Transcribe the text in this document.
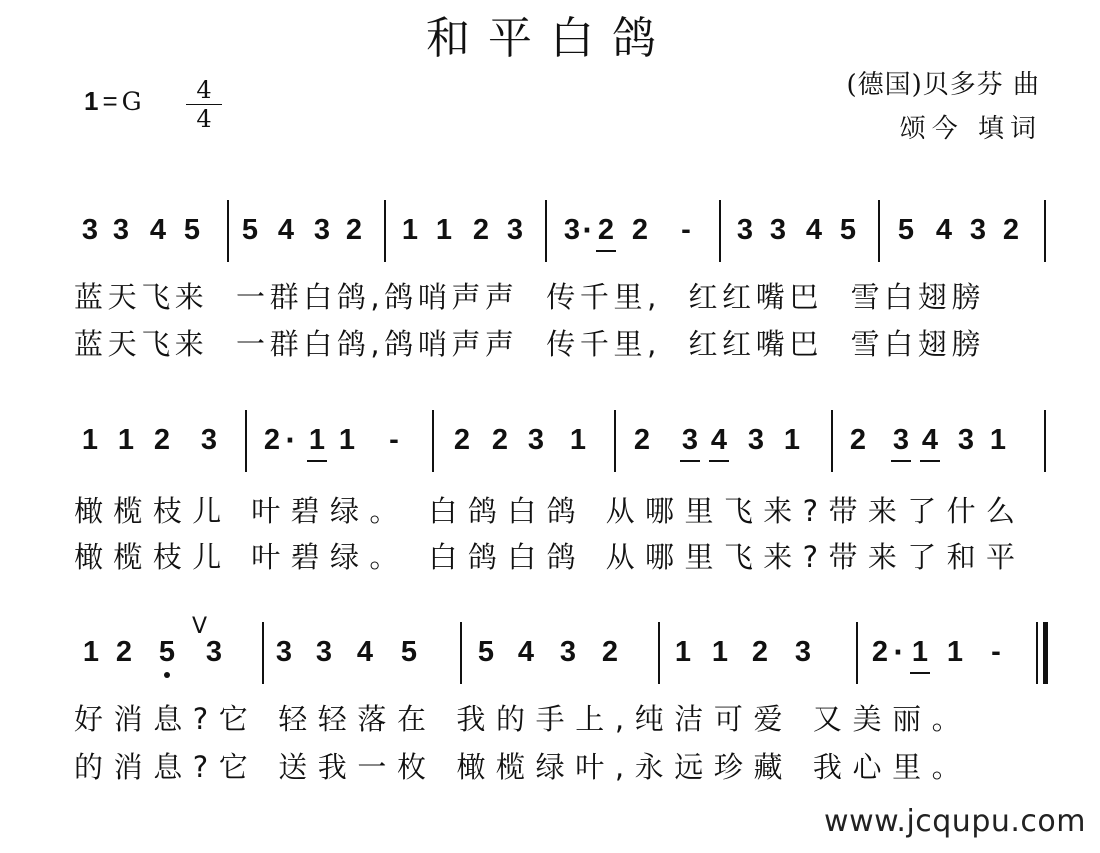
和平白鸽
1 = G	4
4
(德国)贝多芬 曲
颂今 填词
3 3 4 5 5 4 3 2 1 1 2 3 3 · 2 2 - 3 3 4 5 5 4 3 2
蓝天飞来  一群白鸽,鸽哨声声  传千里,  红红嘴巴  雪白翅膀
蓝天飞来  一群白鸽,鸽哨声声  传千里,  红红嘴巴  雪白翅膀
1 1 2 3 2 · 1 1 - 2 2 3 1 2 3 4 3 1 2 3 4 3 1
橄榄枝儿 叶碧绿。 白鸽白鸽 从哪里飞来?带来了什么
橄榄枝儿 叶碧绿。 白鸽白鸽 从哪里飞来?带来了和平
1 2 5 3
V
3 3 4 5 5 4 3 2 1 1 2 3 2 · 1 1 -
好消息?它 轻轻落在 我的手上,纯洁可爱 又美丽。
的消息?它 送我一枚 橄榄绿叶,永远珍藏 我心里。
www.jcqupu.com
